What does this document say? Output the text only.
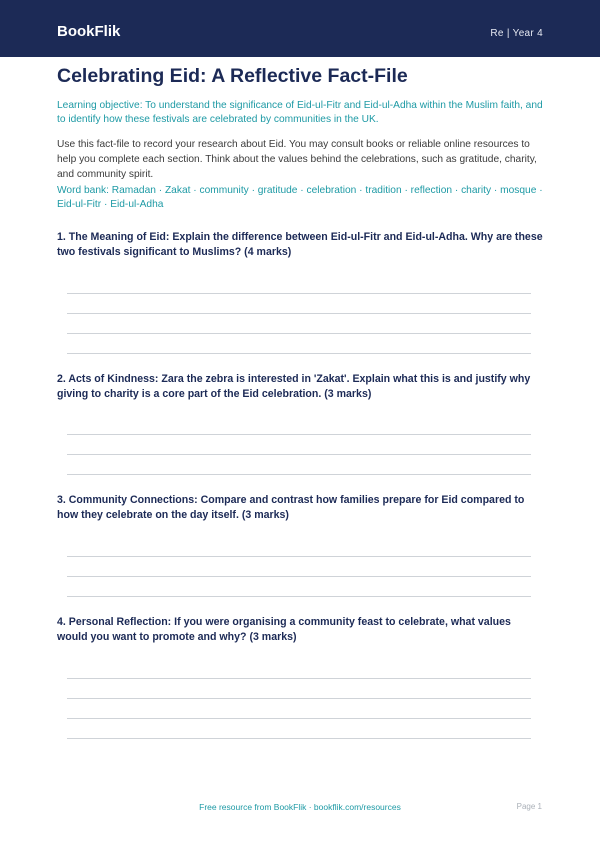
BookFlik	Re | Year 4
Celebrating Eid: A Reflective Fact-File
Learning objective: To understand the significance of Eid-ul-Fitr and Eid-ul-Adha within the Muslim faith, and to identify how these festivals are celebrated by communities in the UK.
Use this fact-file to record your research about Eid. You may consult books or reliable online resources to help you complete each section. Think about the values behind the celebrations, such as gratitude, charity, and community spirit.
Word bank: Ramadan · Zakat · community · gratitude · celebration · tradition · reflection · charity · mosque · Eid-ul-Fitr · Eid-ul-Adha
1. The Meaning of Eid: Explain the difference between Eid-ul-Fitr and Eid-ul-Adha. Why are these two festivals significant to Muslims? (4 marks)
2. Acts of Kindness: Zara the zebra is interested in 'Zakat'. Explain what this is and justify why giving to charity is a core part of the Eid celebration. (3 marks)
3. Community Connections: Compare and contrast how families prepare for Eid compared to how they celebrate on the day itself. (3 marks)
4. Personal Reflection: If you were organising a community feast to celebrate, what values would you want to promote and why? (3 marks)
Free resource from BookFlik · bookflik.com/resources	Page 1
